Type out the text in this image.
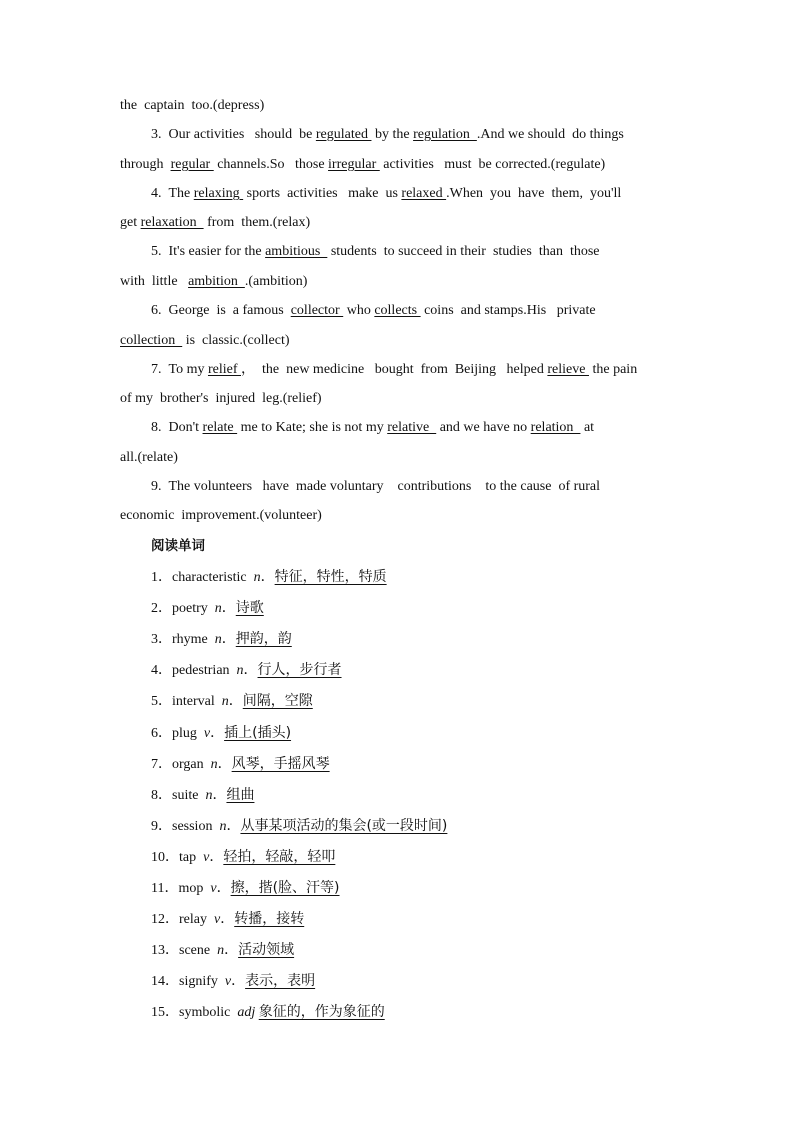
the  captain  too.(depress)
3. Our activities   should  be regulated  by the regulation  .And we should  do things
through  regular  channels.So   those irregular  activities   must  be corrected.(regulate)
4. The relaxing  sports  activities   make  us relaxed .When  you  have  them,  you'll
get relaxation   from  them.(relax)
5. It's easier for the ambitious   students  to succeed in their  studies  than  those
with  little   ambition  .(ambition)
6. George  is  a famous  collector  who collects  coins  and stamps.His   private
collection   is  classic.(collect)
7. To my relief ，  the  new medicine   bought  from  Beijing   helped relieve  the pain
of my  brother's  injured  leg.(relief)
8. Don't relate  me to Kate; she is not my relative   and we have no relation   at
all.(relate)
9. The volunteers   have  made voluntary    contributions    to the cause  of rural
economic  improvement.(volunteer)
阅读单词
1．characteristic  n．特征，特性，特质
2．poetry  n．诗歌
3．rhyme  n．押韵，韵
4．pedestrian  n．行人，步行者
5．interval  n．间隔，空隙
6．plug  v．插上(插头)
7．organ  n．风琴，手摇风琴
8．suite  n．组曲
9．session  n．从事某项活动的集会(或一段时间)
10．tap  v．轻拍，轻敲，轻叩
11．mop  v．擦，揩(脸、汗等)
12．relay  v．转播，接转
13．scene  n．活动领域
14．signify  v．表示，表明
15．symbolic  adj 象征的，作为象征的
